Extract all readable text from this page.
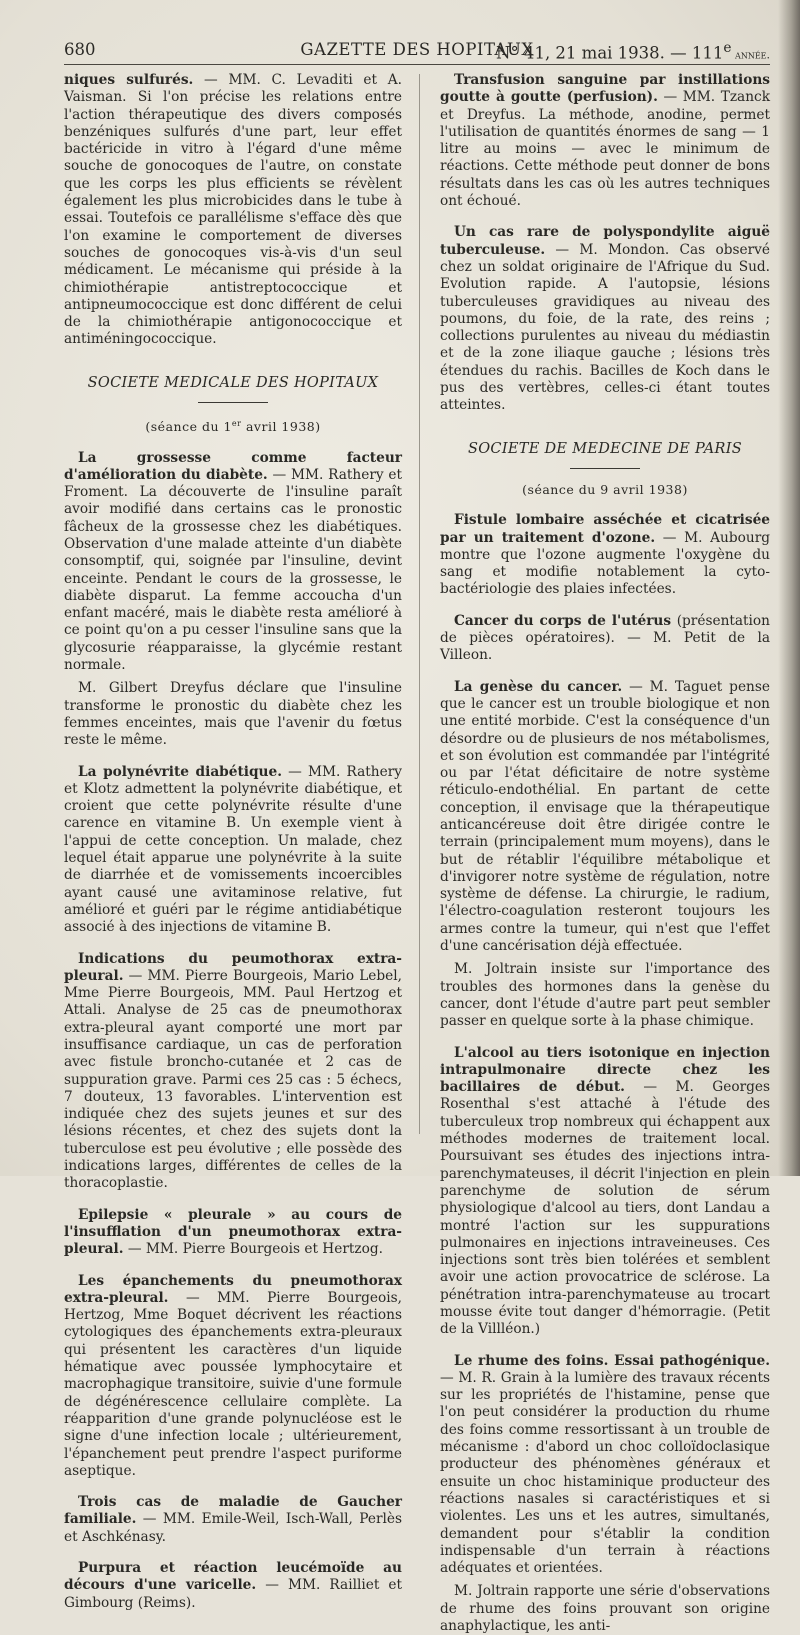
680	GAZETTE DES HOPITAUX
N° 41, 21 mai 1938. — 111e année.

niques sulfurés. — MM. C. Levaditi et A. Vaisman. Si l'on précise les relations entre l'action thérapeutique des divers composés benzéniques sulfurés d'une part, leur effet bactéricide in vitro à l'égard d'une même souche de gonocoques de l'autre, on constate que les corps les plus efficients se révèlent également les plus microbicides dans le tube à essai. Toutefois ce parallélisme s'efface dès que l'on examine le comportement de diverses souches de gonocoques vis-à-vis d'un seul médicament. Le mécanisme qui préside à la chimiothérapie antistreptococcique et antipneumococcique est donc différent de celui de la chimiothérapie antigonococcique et antiméningococcique.

SOCIETE MEDICALE DES HOPITAUX
(séance du 1er avril 1938)

La grossesse comme facteur d'amélioration du diabète. — MM. Rathery et Froment. La découverte de l'insuline paraît avoir modifié dans certains cas le pronostic fâcheux de la grossesse chez les diabétiques. Observation d'une malade atteinte d'un diabète consomptif, qui, soignée par l'insuline, devint enceinte. Pendant le cours de la grossesse, le diabète disparut. La femme accoucha d'un enfant macéré, mais le diabète resta amélioré à ce point qu'on a pu cesser l'insuline sans que la glycosurie réapparaisse, la glycémie restant normale.

M. Gilbert Dreyfus déclare que l'insuline transforme le pronostic du diabète chez les femmes enceintes, mais que l'avenir du fœtus reste le même.

La polynévrite diabétique. — MM. Rathery et Klotz admettent la polynévrite diabétique, et croient que cette polynévrite résulte d'une carence en vitamine B. Un exemple vient à l'appui de cette conception. Un malade, chez lequel était apparue une polynévrite à la suite de diarrhée et de vomissements incoercibles ayant causé une avitaminose relative, fut amélioré et guéri par le régime antidiabétique associé à des injections de vitamine B.

Indications du peumothorax extra-pleural. — MM. Pierre Bourgeois, Mario Lebel, Mme Pierre Bourgeois, MM. Paul Hertzog et Attali. Analyse de 25 cas de pneumothorax extra-pleural ayant comporté une mort par insuffisance cardiaque, un cas de perforation avec fistule broncho-cutanée et 2 cas de suppuration grave. Parmi ces 25 cas : 5 échecs, 7 douteux, 13 favorables. L'intervention est indiquée chez des sujets jeunes et sur des lésions récentes, et chez des sujets dont la tuberculose est peu évolutive ; elle possède des indications larges, différentes de celles de la thoracoplastie.

Epilepsie « pleurale » au cours de l'insufflation d'un pneumothorax extra-pleural. — MM. Pierre Bourgeois et Hertzog.

Les épanchements du pneumothorax extra-pleural. — MM. Pierre Bourgeois, Hertzog, Mme Boquet décrivent les réactions cytologiques des épanchements extra-pleuraux qui présentent les caractères d'un liquide hématique avec poussée lymphocytaire et macrophagique transitoire, suivie d'une formule de dégénérescence cellulaire complète. La réapparition d'une grande polynucléose est le signe d'une infection locale ; ultérieurement, l'épanchement peut prendre l'aspect puriforme aseptique.

Trois cas de maladie de Gaucher familiale. — MM. Emile-Weil, Isch-Wall, Perlès et Aschkénasy.

Purpura et réaction leucémoïde au décours d'une varicelle. — MM. Railliet et Gimbourg (Reims).

Transfusion sanguine par instillations goutte à goutte (perfusion). — MM. Tzanck et Dreyfus. La méthode, anodine, permet l'utilisation de quantités énormes de sang — 1 litre au moins — avec le minimum de réactions. Cette méthode peut donner de bons résultats dans les cas où les autres techniques ont échoué.

Un cas rare de polyspondylite aiguë tuberculeuse. — M. Mondon. Cas observé chez un soldat originaire de l'Afrique du Sud. Evolution rapide. A l'autopsie, lésions tuberculeuses gravidiques au niveau des poumons, du foie, de la rate, des reins ; collections purulentes au niveau du médiastin et de la zone iliaque gauche ; lésions très étendues du rachis. Bacilles de Koch dans le pus des vertèbres, celles-ci étant toutes atteintes.

SOCIETE DE MEDECINE DE PARIS
(séance du 9 avril 1938)

Fistule lombaire asséchée et cicatrisée par un traitement d'ozone. — M. Aubourg montre que l'ozone augmente l'oxygène du sang et modifie notablement la cyto-bactériologie des plaies infectées.

Cancer du corps de l'utérus (présentation de pièces opératoires). — M. Petit de la Villeon.

La genèse du cancer. — M. Taguet pense que le cancer est un trouble biologique et non une entité morbide. C'est la conséquence d'un désordre ou de plusieurs de nos métabolismes, et son évolution est commandée par l'intégrité ou par l'état déficitaire de notre système réticulo-endothélial. En partant de cette conception, il envisage que la thérapeutique anticancéreuse doit être dirigée contre le terrain (principalement mum moyens), dans le but de rétablir l'équilibre métabolique et d'invigorer notre système de régulation, notre système de défense. La chirurgie, le radium, l'électro-coagulation resteront toujours les armes contre la tumeur, qui n'est que l'effet d'une cancérisation déjà effectuée.

M. Joltrain insiste sur l'importance des troubles des hormones dans la genèse du cancer, dont l'étude d'autre part peut sembler passer en quelque sorte à la phase chimique.

L'alcool au tiers isotonique en injection intrapulmonaire directe chez les bacillaires de début. — M. Georges Rosenthal s'est attaché à l'étude des tuberculeux trop nombreux qui échappent aux méthodes modernes de traitement local. Poursuivant ses études des injections intra-parenchymateuses, il décrit l'injection en plein parenchyme de solution de sérum physiologique d'alcool au tiers, dont Landau a montré l'action sur les suppurations pulmonaires en injections intraveineuses. Ces injections sont très bien tolérées et semblent avoir une action provocatrice de sclérose. La pénétration intra-parenchymateuse au trocart mousse évite tout danger d'hémorragie. (Petit de la Villléon.)

Le rhume des foins. Essai pathogénique. — M. R. Grain à la lumière des travaux récents sur les propriétés de l'histamine, pense que l'on peut considérer la production du rhume des foins comme ressortissant à un trouble de mécanisme : d'abord un choc colloïdoclasique producteur des phénomènes généraux et ensuite un choc histaminique producteur des réactions nasales si caractéristiques et si violentes. Les uns et les autres, simultanés, demandent pour s'établir la condition indispensable d'un terrain à réactions adéquates et orientées.

M. Joltrain rapporte une série d'observations de rhume des foins prouvant son origine anaphylactique, les anti-
